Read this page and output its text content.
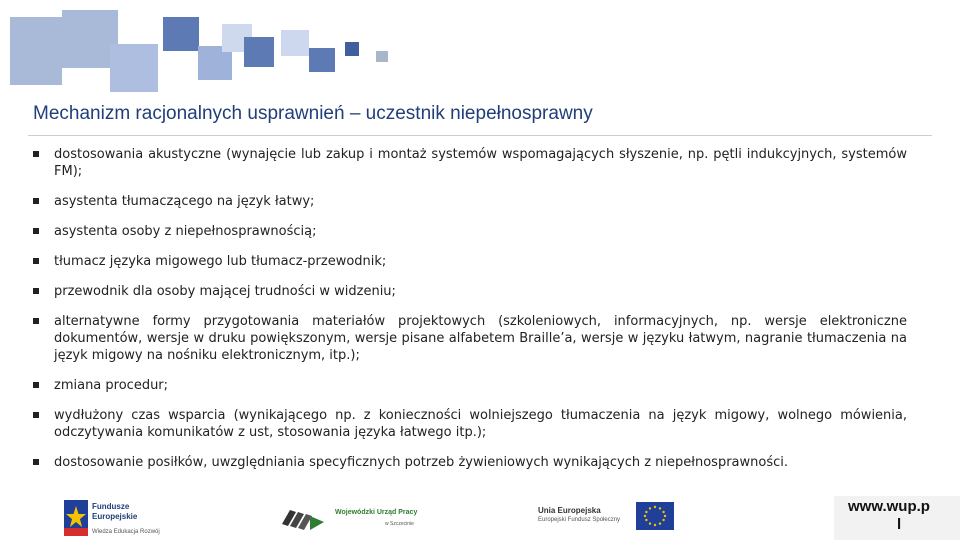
Mechanizm racjonalnych usprawnień – uczestnik niepełnosprawny
dostosowania akustyczne (wynajęcie lub zakup i montaż systemów wspomagających słyszenie, np. pętli indukcyjnych, systemów FM);
asystenta tłumaczącego na język łatwy;
asystenta osoby z niepełnosprawnością;
tłumacz języka migowego lub tłumacz-przewodnik;
przewodnik dla osoby mającej trudności w widzeniu;
alternatywne formy przygotowania materiałów projektowych (szkoleniowych, informacyjnych, np. wersje elektroniczne dokumentów, wersje w druku powiększonym, wersje pisane alfabetem Braille’a, wersje w języku łatwym, nagranie tłumaczenia na język migowy na nośniku elektronicznym, itp.);
zmiana procedur;
wydłużony czas wsparcia (wynikającego np. z konieczności wolniejszego tłumaczenia na język migowy, wolnego mówienia, odczytywania komunikatów z ust, stosowania języka łatwego itp.);
dostosowanie posiłków, uwzględniania specyficznych potrzeb żywieniowych wynikających z niepełnosprawności.
Fundusze
Europejskie
Wiedza Edukacja Rozwój
Wojewódzki Urząd Pracy
w Szczecinie
Unia Europejska
Europejski Fundusz Społeczny
www.wup.p
l
